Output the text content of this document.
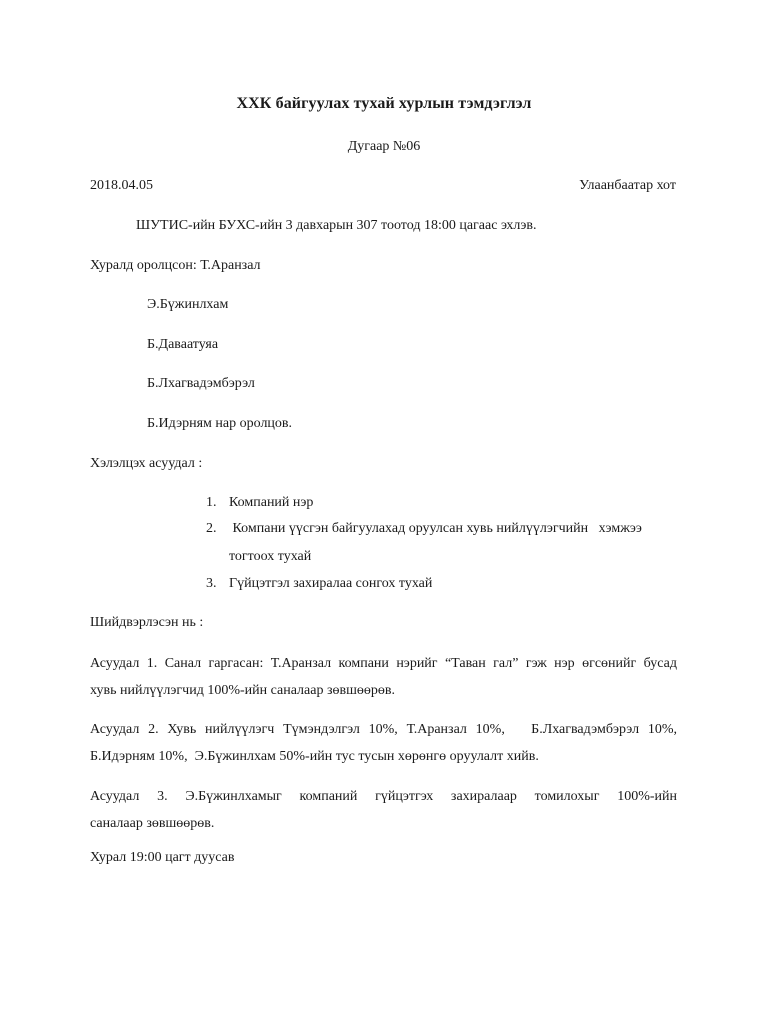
ХХК байгуулах тухай хурлын тэмдэглэл
Дугаар №06
2018.04.05	Улаанбаатар хот
ШУТИС-ийн БУХС-ийн 3 давхарын 307 тоотод 18:00 цагаас эхлэв.
Хуралд оролцсон: Т.Аранзал
Э.Бүжинлхам
Б.Даваатуяа
Б.Лхагвадэмбэрэл
Б.Идэрням нар оролцов.
Хэлэлцэх асуудал :
1. Компаний нэр
2. Компани үүсгэн байгуулахад оруулсан хувь нийлүүлэгчийн   хэмжээ
тогтоох тухай
3. Гүйцэтгэл захиралаа сонгох тухай
Шийдвэрлэсэн нь :
Асуудал 1. Санал гаргасан: Т.Аранзал компани нэрийг “Таван гал” гэж нэр өгсөнийг бусад
хувь нийлүүлэгчид 100%-ийн саналаар зөвшөөрөв.
Асуудал 2. Хувь нийлүүлэгч Түмэндэлгэл 10%, Т.Аранзал 10%,   Б.Лхагвадэмбэрэл 10%,
Б.Идэрням 10%,  Э.Бүжинлхам 50%-ийн тус тусын хөрөнгө оруулалт хийв.
Асуудал 3. Э.Бүжинлхамыг компаний гүйцэтгэх захиралаар томилохыг 100%-ийн
саналаар зөвшөөрөв.
Хурал 19:00 цагт дуусав
